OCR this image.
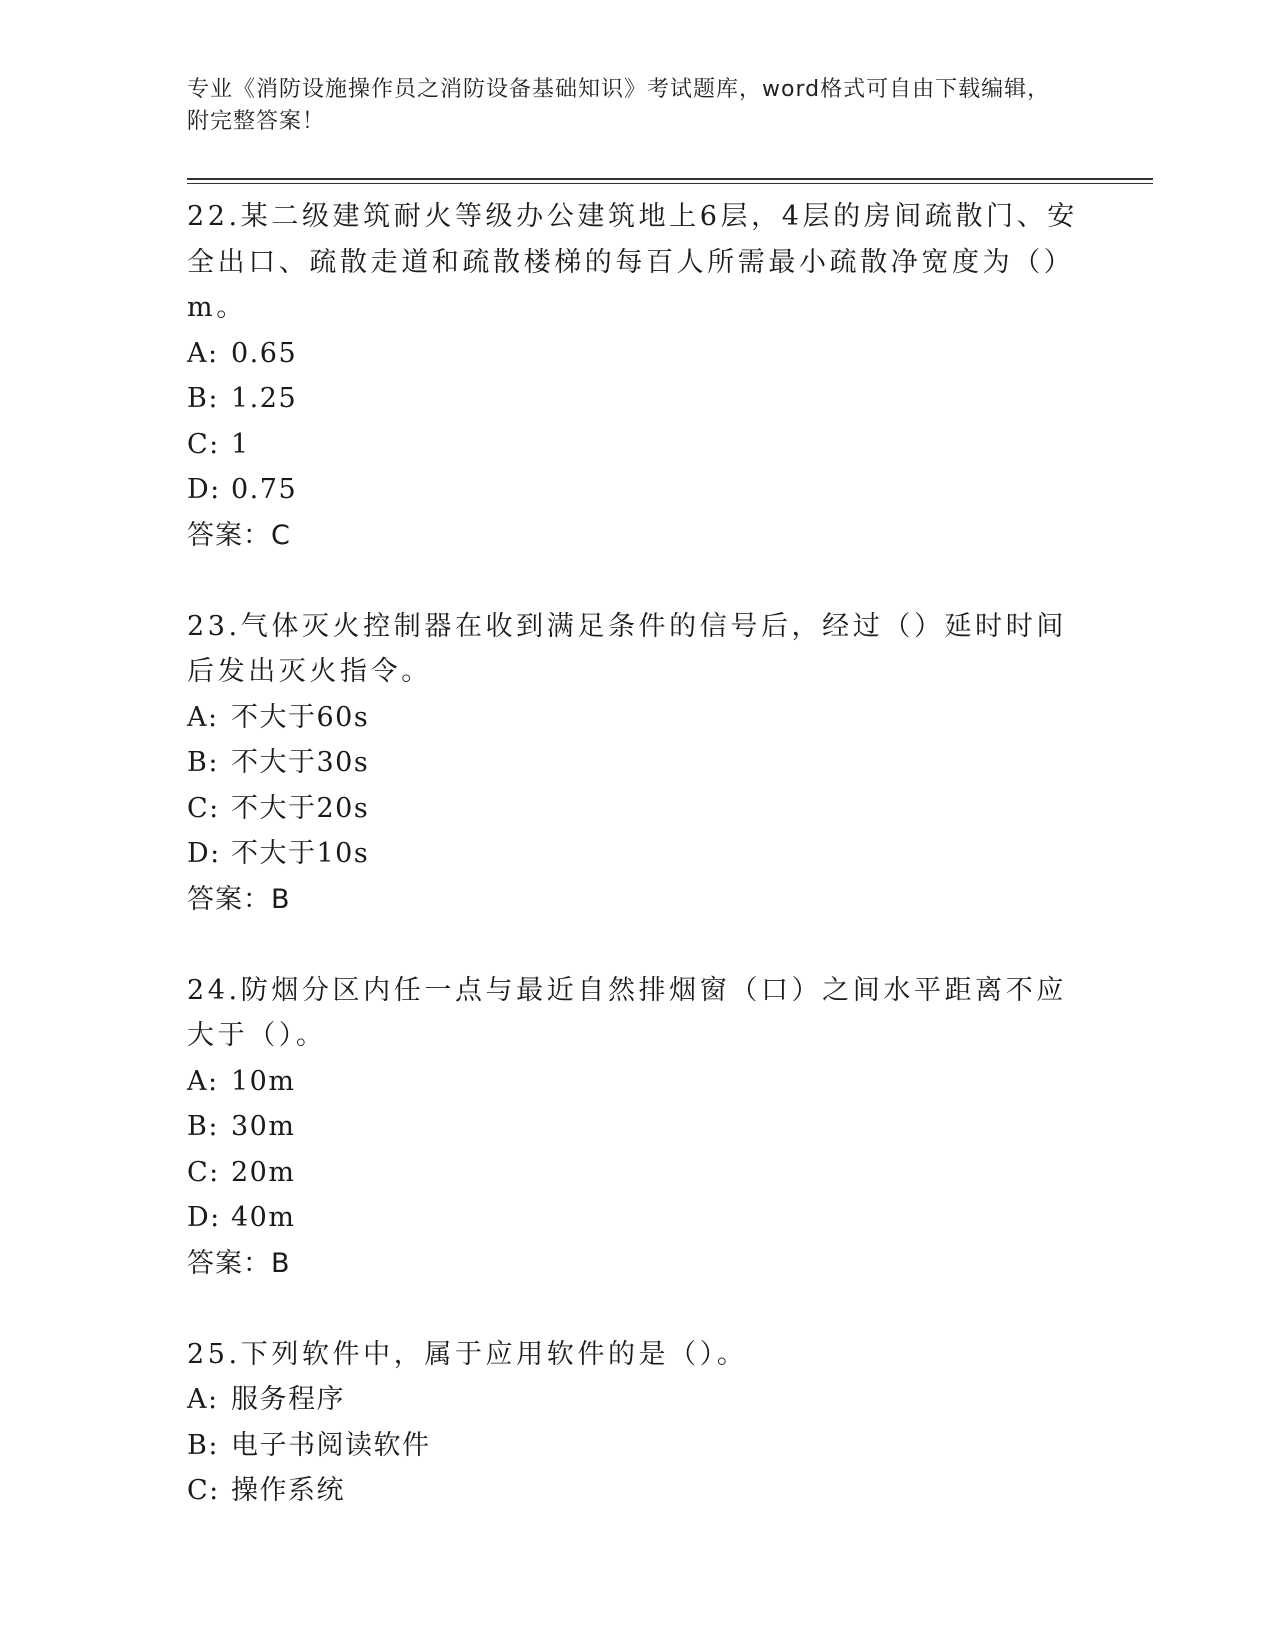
专业《消防设施操作员之消防设备基础知识》考试题库，word格式可自由下载编辑，附完整答案！

22.某二级建筑耐火等级办公建筑地上6层，4层的房间疏散门、安全出口、疏散走道和疏散楼梯的每百人所需最小疏散净宽度为（）m。

A: 0.65

B: 1.25

C: 1

D: 0.75

答案：C

23.气体灭火控制器在收到满足条件的信号后，经过（）延时时间后发出灭火指令。

A: 不大于60s

B: 不大于30s

C: 不大于20s

D: 不大于10s

答案：B

24.防烟分区内任一点与最近自然排烟窗（口）之间水平距离不应大于（）。

A: 10m

B: 30m

C: 20m

D: 40m

答案：B

25.下列软件中，属于应用软件的是（）。

A: 服务程序

B: 电子书阅读软件

C: 操作系统
